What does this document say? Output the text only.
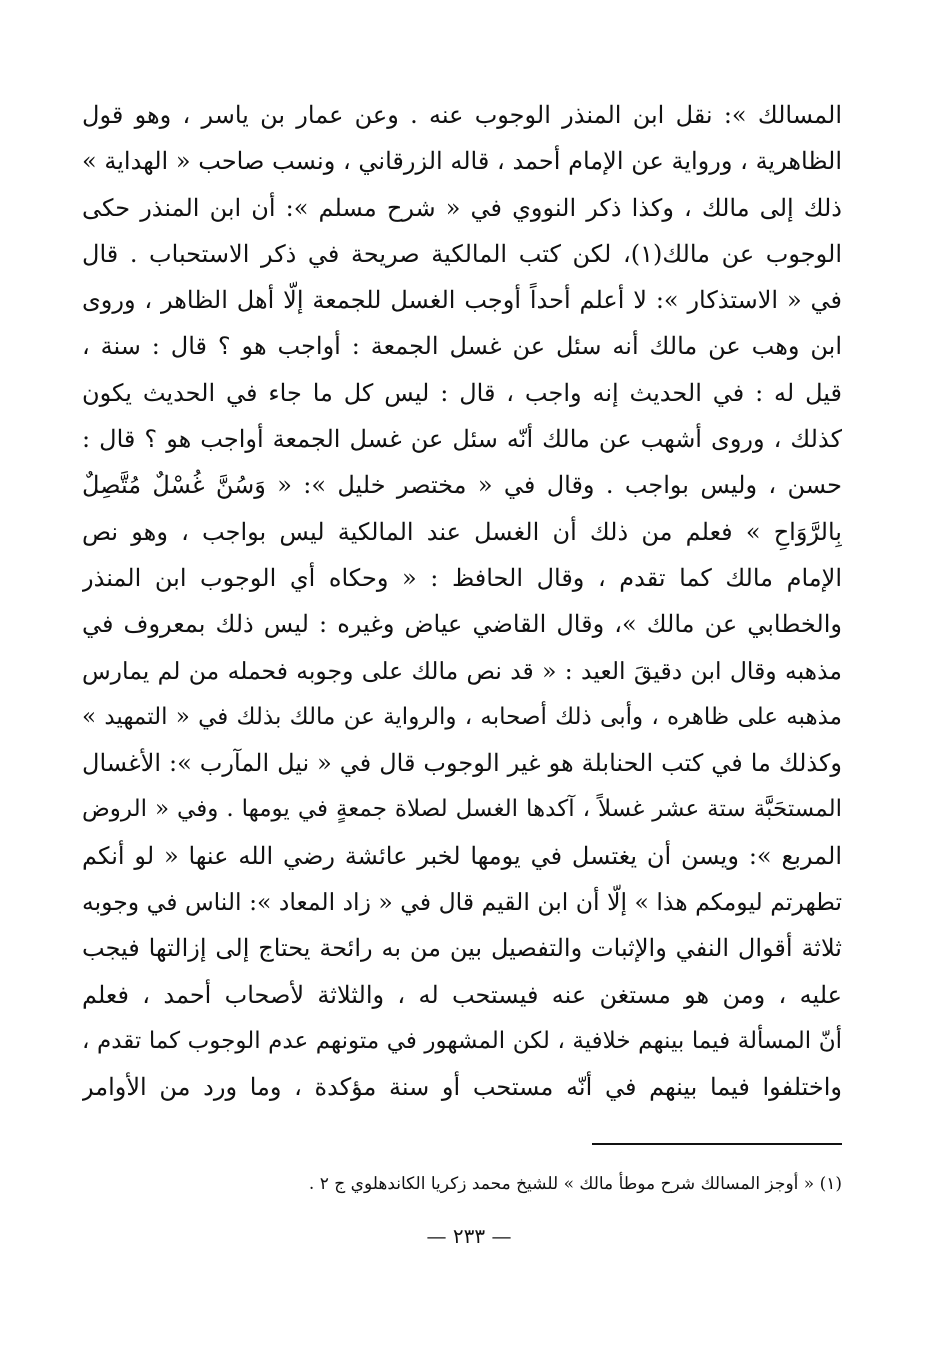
المسالك »: نقل ابن المنذر الوجوب عنه . وعن عمار بن ياسر ، وهو قول
الظاهرية ، ورواية عن الإمام أحمد ، قاله الزرقاني ، ونسب صاحب « الهداية »
ذلك إلى مالك ، وكذا ذكر النووي في « شرح مسلم »: أن ابن المنذر حكى
الوجوب عن مالك(١)، لكن كتب المالكية صريحة في ذكر الاستحباب . قال
في « الاستذكار »: لا أعلم أحداً أوجب الغسل للجمعة إلّا أهل الظاهر ، وروى
ابن وهب عن مالك أنه سئل عن غسل الجمعة : أواجب هو ؟ قال : سنة ،
قيل له : في الحديث إنه واجب ، قال : ليس كل ما جاء في الحديث يكون
كذلك ، وروى أشهب عن مالك أنّه سئل عن غسل الجمعة أواجب هو ؟ قال :
حسن ، وليس بواجب . وقال في « مختصر خليل »: « وَسُنَّ غُسْلٌ مُتَّصِلٌ
بِالرَّوَاحِ » فعلم من ذلك أن الغسل عند المالكية ليس بواجب ، وهو نص
الإمام مالك كما تقدم ، وقال الحافظ : « وحكاه أي الوجوب ابن المنذر
والخطابي عن مالك »، وقال القاضي عياض وغيره : ليس ذلك بمعروف في
مذهبه وقال ابن دقيقَ العيد : « قد نص مالك على وجوبه فحمله من لم يمارس
مذهبه على ظاهره ، وأبى ذلك أصحابه ، والرواية عن مالك بذلك في « التمهيد »
وكذلك ما في كتب الحنابلة هو غير الوجوب قال في « نيل المآرب »: الأغسال
المستحَبَّة ستة عشر غسلاً ، آكدها الغسل لصلاة جمعةٍ في يومها . وفي « الروض
المربع »: ويسن أن يغتسل في يومها لخبر عائشة رضي الله عنها « لو أنكم
تطهرتم ليومكم هذا » إلّا أن ابن القيم قال في « زاد المعاد »: الناس في وجوبه
ثلاثة أقوال النفي والإثبات والتفصيل بين من به رائحة يحتاج إلى إزالتها فيجب
عليه ، ومن هو مستغن عنه فيستحب له ، والثلاثة لأصحاب أحمد ، فعلم
أنّ المسألة فيما بينهم خلافية ، لكن المشهور في متونهم عدم الوجوب كما تقدم ،
واختلفوا فيما بينهم في أنّه مستحب أو سنة مؤكدة ، وما ورد من الأوامر
(١) « أوجز المسالك شرح موطأ مالك » للشيخ محمد زكريا الكاندهلوي ج ٢ .
— ٢٣٣ —
